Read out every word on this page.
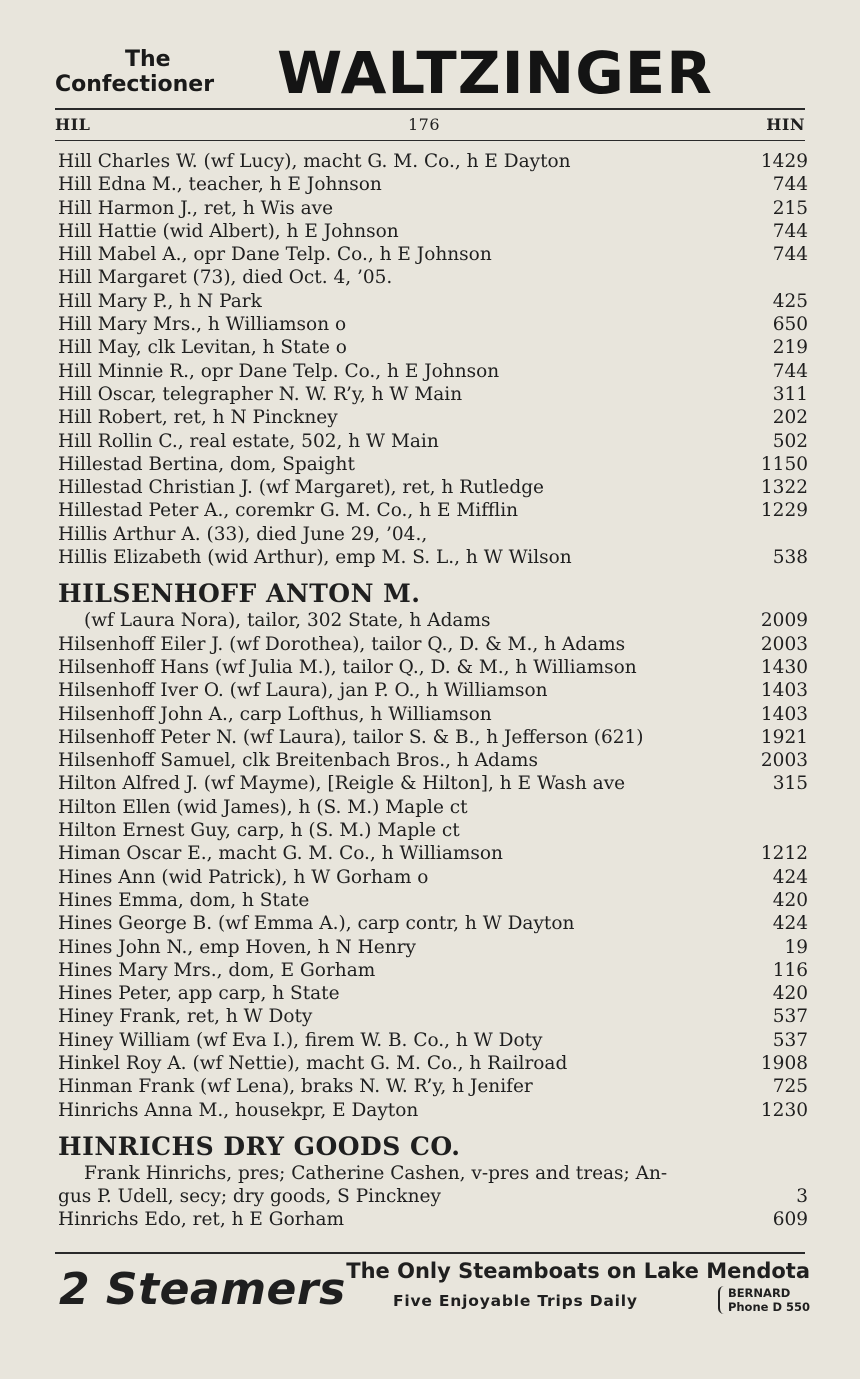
The
Confectioner WALTZINGER
HIL	176	HIN
Hill Charles W. (wf Lucy), macht G. M. Co., h E Dayton	1429
Hill Edna M., teacher, h E Johnson	744
Hill Harmon J., ret, h Wis ave	215
Hill Hattie (wid Albert), h E Johnson	744
Hill Mabel A., opr Dane Telp. Co., h E Johnson	744
Hill Margaret (73), died Oct. 4, ’05.
Hill Mary P., h N Park	425
Hill Mary Mrs., h Williamson o	650
Hill May, clk Levitan, h State o	219
Hill Minnie R., opr Dane Telp. Co., h E Johnson	744
Hill Oscar, telegrapher N. W. R’y, h W Main	311
Hill Robert, ret, h N Pinckney	202
Hill Rollin C., real estate, 502, h W Main	502
Hillestad Bertina, dom, Spaight	1150
Hillestad Christian J. (wf Margaret), ret, h Rutledge	1322
Hillestad Peter A., coremkr G. M. Co., h E Mifflin	1229
Hillis Arthur A. (33), died June 29, ’04.,
Hillis Elizabeth (wid Arthur), emp M. S. L., h W Wilson	538
HILSENHOFF ANTON M.
(wf Laura Nora), tailor, 302 State, h Adams	2009
Hilsenhoff Eiler J. (wf Dorothea), tailor Q., D. & M., h Adams	2003
Hilsenhoff Hans (wf Julia M.), tailor Q., D. & M., h Williamson	1430
Hilsenhoff Iver O. (wf Laura), jan P. O., h Williamson	1403
Hilsenhoff John A., carp Lofthus, h Williamson	1403
Hilsenhoff Peter N. (wf Laura), tailor S. & B., h Jefferson (621)	1921
Hilsenhoff Samuel, clk Breitenbach Bros., h Adams	2003
Hilton Alfred J. (wf Mayme), [Reigle & Hilton], h E Wash ave	315
Hilton Ellen (wid James), h (S. M.) Maple ct
Hilton Ernest Guy, carp, h (S. M.) Maple ct
Himan Oscar E., macht G. M. Co., h Williamson	1212
Hines Ann (wid Patrick), h W Gorham o	424
Hines Emma, dom, h State	420
Hines George B. (wf Emma A.), carp contr, h W Dayton	424
Hines John N., emp Hoven, h N Henry	19
Hines Mary Mrs., dom, E Gorham	116
Hines Peter, app carp, h State	420
Hiney Frank, ret, h W Doty	537
Hiney William (wf Eva I.), firem W. B. Co., h W Doty	537
Hinkel Roy A. (wf Nettie), macht G. M. Co., h Railroad	1908
Hinman Frank (wf Lena), braks N. W. R’y, h Jenifer	725
Hinrichs Anna M., housekpr, E Dayton	1230
HINRICHS DRY GOODS CO.
Frank Hinrichs, pres; Catherine Cashen, v-pres and treas; An-
gus P. Udell, secy; dry goods, S Pinckney	3
Hinrichs Edo, ret, h E Gorham	609
2 Steamers The Only Steamboats on Lake Mendota
Five Enjoyable Trips Daily	BERNARD
Phone D 550
